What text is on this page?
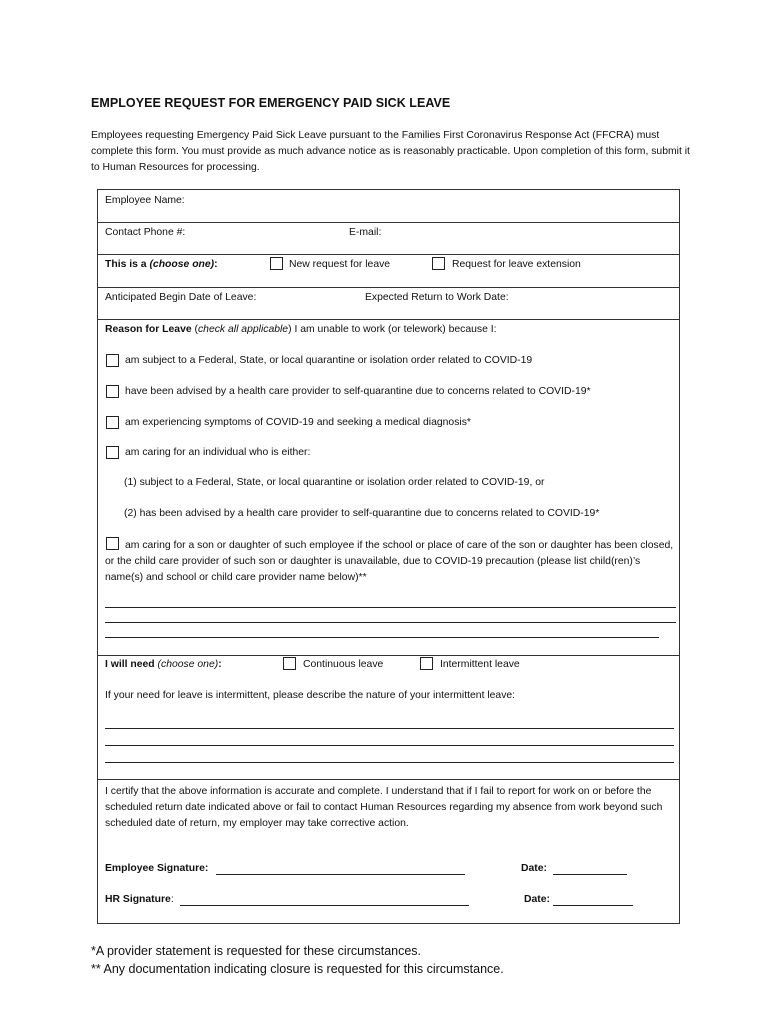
EMPLOYEE REQUEST FOR EMERGENCY PAID SICK LEAVE
Employees requesting Emergency Paid Sick Leave pursuant to the Families First Coronavirus Response Act (FFCRA) must complete this form. You must provide as much advance notice as is reasonably practicable. Upon completion of this form, submit it to Human Resources for processing.
Employee Name:
Contact Phone #:	E-mail:
This is a (choose one):	New request for leave	Request for leave extension
Anticipated Begin Date of Leave:	Expected Return to Work Date:
Reason for Leave (check all applicable) I am unable to work (or telework) because I:
am subject to a Federal, State, or local quarantine or isolation order related to COVID-19
have been advised by a health care provider to self-quarantine due to concerns related to COVID-19*
am experiencing symptoms of COVID-19 and seeking a medical diagnosis*
am caring for an individual who is either:
(1) subject to a Federal, State, or local quarantine or isolation order related to COVID-19, or
(2) has been advised by a health care provider to self-quarantine due to concerns related to COVID-19*
am caring for a son or daughter of such employee if the school or place of care of the son or daughter has been closed, or the child care provider of such son or daughter is unavailable, due to COVID-19 precaution (please list child(ren)’s name(s) and school or child care provider name below)**
I will need (choose one):	Continuous leave	Intermittent leave
If your need for leave is intermittent, please describe the nature of your intermittent leave:
I certify that the above information is accurate and complete. I understand that if I fail to report for work on or before the scheduled return date indicated above or fail to contact Human Resources regarding my absence from work beyond such scheduled date of return, my employer may take corrective action.
Employee Signature:	Date:
HR Signature:	Date:
*A provider statement is requested for these circumstances.
** Any documentation indicating closure is requested for this circumstance.
